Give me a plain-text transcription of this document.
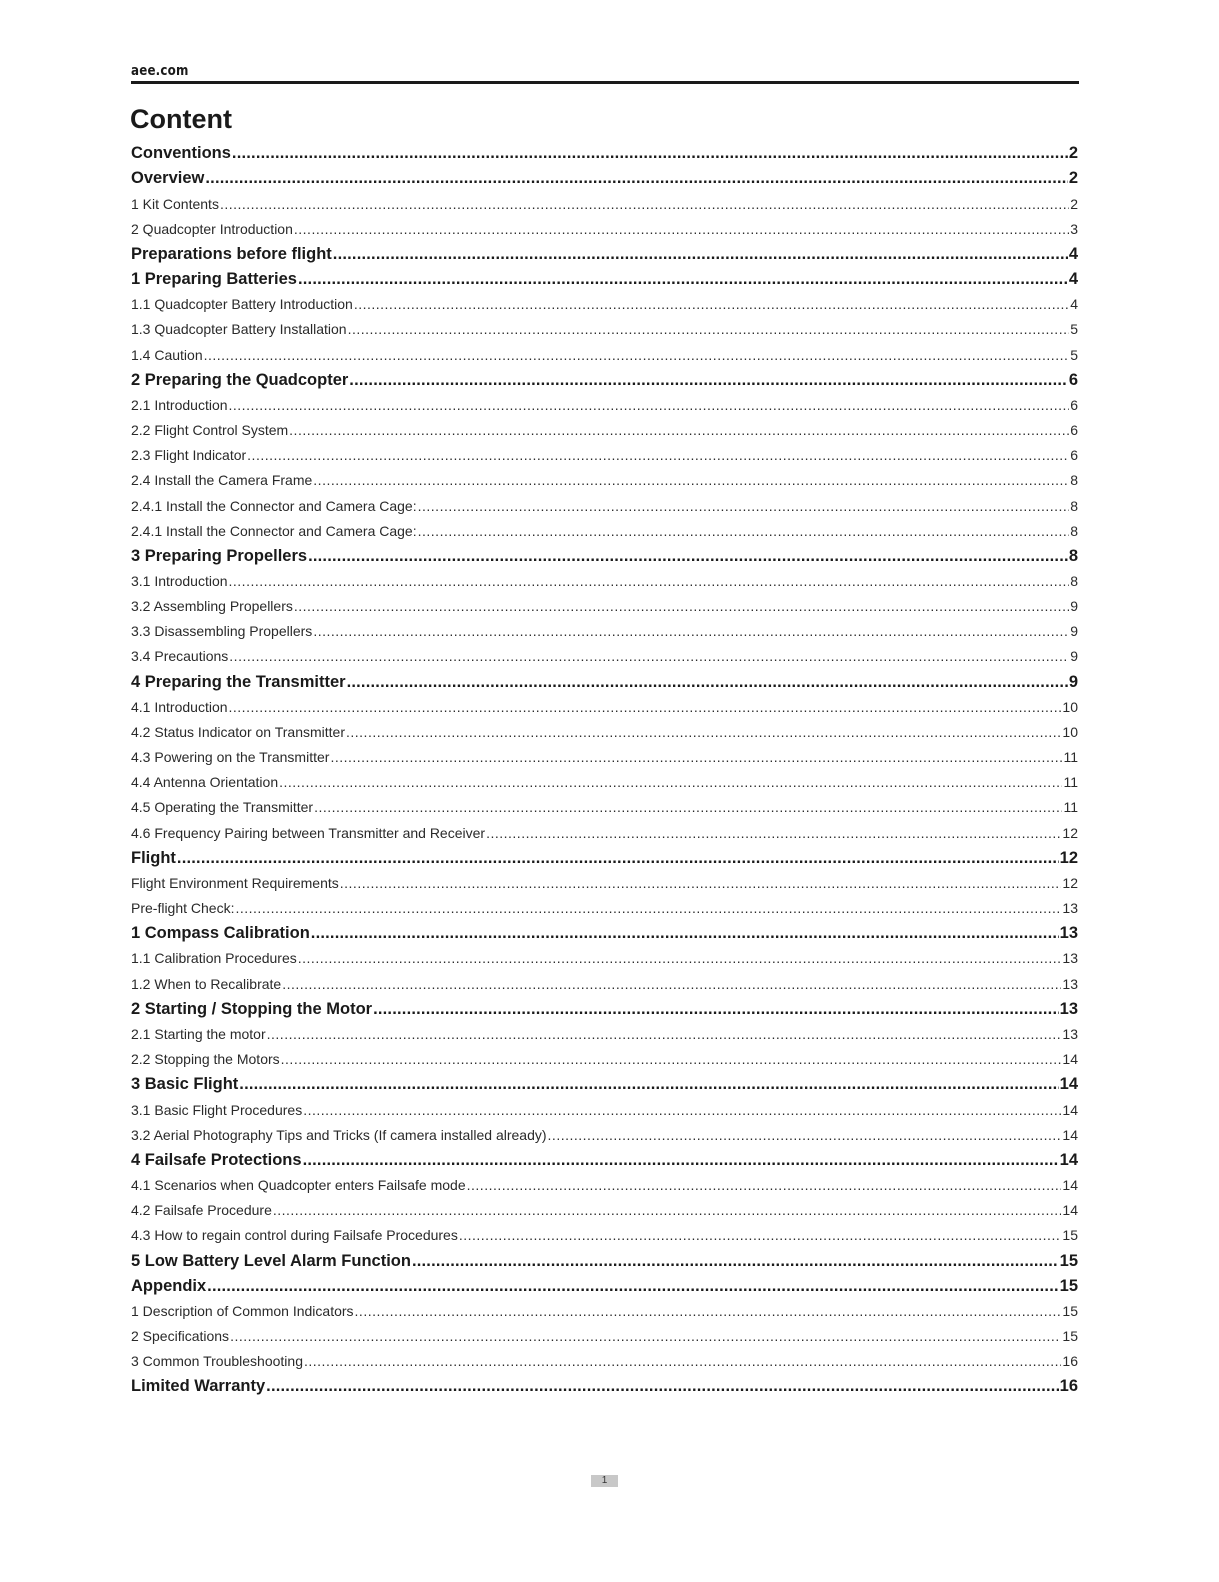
aee.com
Content
Conventions .....	2
Overview .....	2
1 Kit Contents .....	2
2 Quadcopter Introduction .....	3
Preparations before flight .....	4
1 Preparing Batteries .....	4
1.1 Quadcopter Battery Introduction .....	4
1.3 Quadcopter Battery Installation .....	5
1.4 Caution .....	5
2 Preparing the Quadcopter .....	6
2.1 Introduction .....	6
2.2 Flight Control System .....	6
2.3 Flight Indicator .....	6
2.4 Install the Camera Frame .....	8
2.4.1 Install the Connector and Camera Cage: .....	8
2.4.1 Install the Connector and Camera Cage: .....	8
3 Preparing Propellers .....	8
3.1 Introduction .....	8
3.2 Assembling Propellers .....	9
3.3 Disassembling Propellers .....	9
3.4 Precautions .....	9
4 Preparing the Transmitter .....	9
4.1 Introduction .....	10
4.2 Status Indicator on Transmitter .....	10
4.3 Powering on the Transmitter .....	11
4.4 Antenna Orientation .....	11
4.5 Operating the Transmitter .....	11
4.6 Frequency Pairing between Transmitter and Receiver .....	12
Flight .....	12
Flight Environment Requirements .....	12
Pre-flight Check: .....	13
1 Compass Calibration .....	13
1.1 Calibration Procedures .....	13
1.2 When to Recalibrate .....	13
2 Starting / Stopping the Motor .....	13
2.1 Starting the motor .....	13
2.2 Stopping the Motors .....	14
3 Basic Flight .....	14
3.1 Basic Flight Procedures .....	14
3.2 Aerial Photography Tips and Tricks (If camera installed already) .....	14
4 Failsafe Protections .....	14
4.1 Scenarios when Quadcopter enters Failsafe mode .....	14
4.2 Failsafe Procedure .....	14
4.3 How to regain control during Failsafe Procedures .....	15
5 Low Battery Level Alarm Function .....	15
Appendix .....	15
1 Description of Common Indicators .....	15
2 Specifications .....	15
3 Common Troubleshooting .....	16
Limited Warranty .....	16
1
